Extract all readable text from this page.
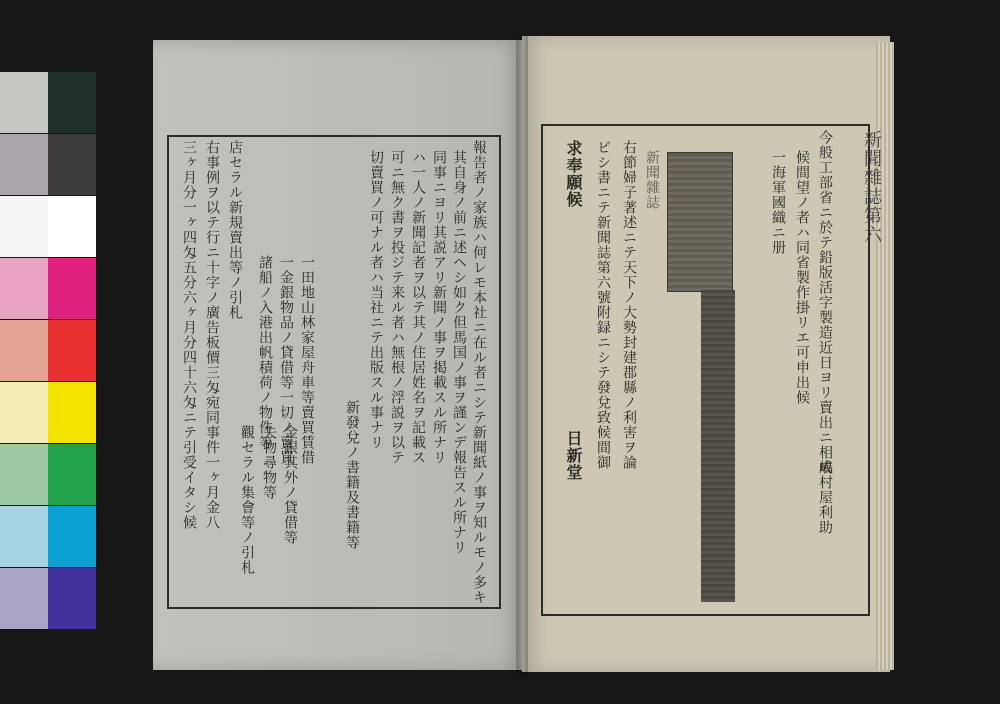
報告者ノ家族ハ何レモ本社ニ在ル者ニシテ新聞紙ノ事ヲ知ルモノ多キ
其自身ノ前ニ述ヘシ如ク但馬国ノ事ヲ謹ンデ報告スル所ナリ
同事ニヨリ其説アリ新聞ノ事ヲ掲載スル所ナリ
ハ一人ノ新聞記者ヲ以テ其ノ住居姓名ヲ記載ス
可ニ無ク書ヲ投ジテ来ル者ハ無根ノ浮説ヲ以テ
切賣買ノ可ナル者ハ当社ニテ出版スル事ナリ
新發兌ノ書籍及書籍等
一田地山林家屋舟車等賣買賃借
一金銀物品ノ貸借等一切ノ賣買
諸船ノ入港出帆積荷ノ物件等
金銀其外ノ貸借等
店セラル新規賣出等ノ引札
失物尋物等
右事例ヲ以テ行ニ十字ノ廣告板價三匁宛同事件一ヶ月金八 觀セラル集會等ノ引札
三ヶ月分一ヶ四匁五分六ヶ月分四十六匁ニテ引受イタシ候	新聞雜誌第六
今般工部省ニ於テ鉛版活字製造近日ヨリ賣出ニ相成
候間望ノ者ハ同省製作掛リエ可申出候
一海軍國織ニ册
嶋村屋利助
新聞雜誌
右節婦子著述ニテ天下ノ大勢封建郡縣ノ利害ヲ論
ビシ書ニテ新聞誌第六號附録ニシテ發兌致候間御
求奉願候
日新堂
